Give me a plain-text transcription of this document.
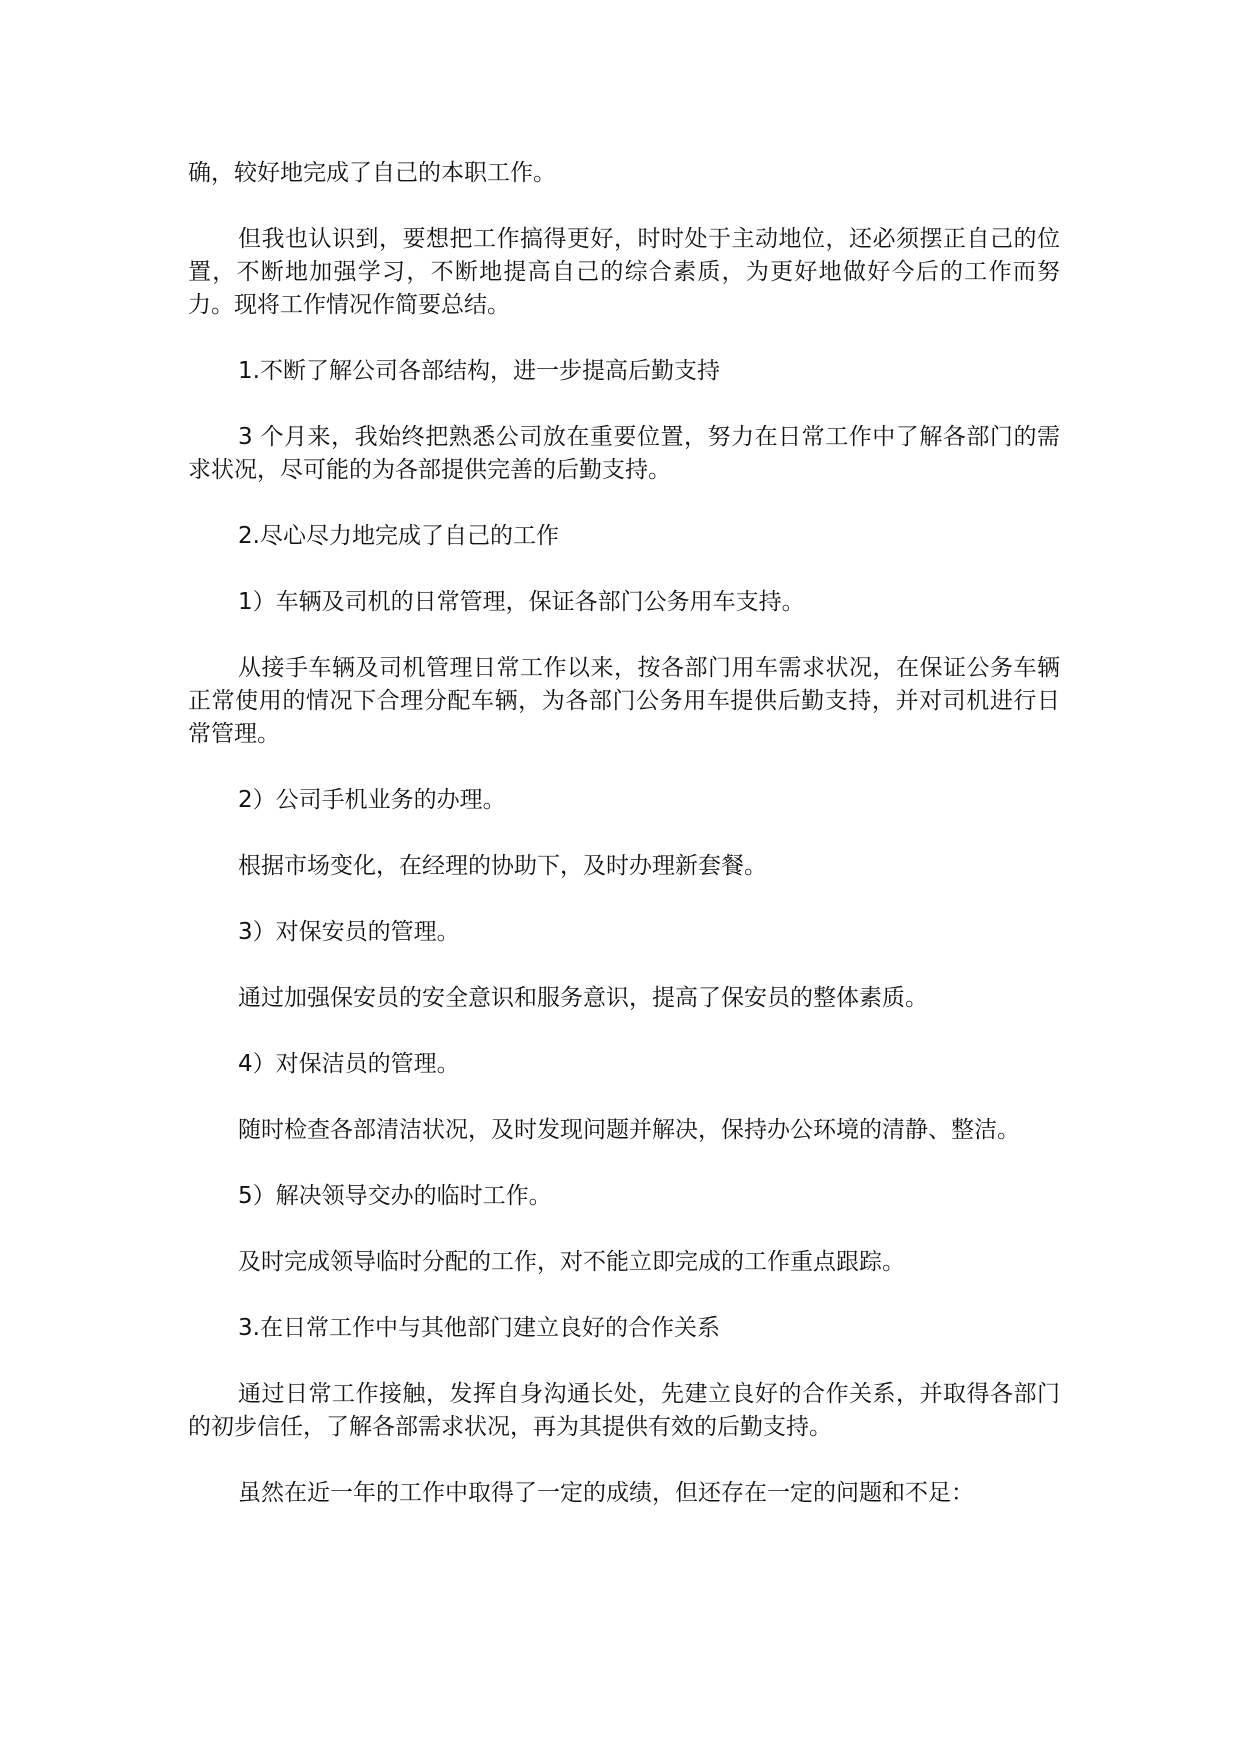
确，较好地完成了自己的本职工作。

但我也认识到，要想把工作搞得更好，时时处于主动地位，还必须摆正自己的位置，不断地加强学习，不断地提高自己的综合素质，为更好地做好今后的工作而努力。现将工作情况作简要总结。

1.不断了解公司各部结构，进一步提高后勤支持

3 个月来，我始终把熟悉公司放在重要位置，努力在日常工作中了解各部门的需求状况，尽可能的为各部提供完善的后勤支持。

2.尽心尽力地完成了自己的工作

1）车辆及司机的日常管理，保证各部门公务用车支持。

从接手车辆及司机管理日常工作以来，按各部门用车需求状况，在保证公务车辆正常使用的情况下合理分配车辆，为各部门公务用车提供后勤支持，并对司机进行日常管理。

2）公司手机业务的办理。

根据市场变化，在经理的协助下，及时办理新套餐。

3）对保安员的管理。

通过加强保安员的安全意识和服务意识，提高了保安员的整体素质。

4）对保洁员的管理。

随时检查各部清洁状况，及时发现问题并解决，保持办公环境的清静、整洁。

5）解决领导交办的临时工作。

及时完成领导临时分配的工作，对不能立即完成的工作重点跟踪。

3.在日常工作中与其他部门建立良好的合作关系

通过日常工作接触，发挥自身沟通长处，先建立良好的合作关系，并取得各部门的初步信任，了解各部需求状况，再为其提供有效的后勤支持。

虽然在近一年的工作中取得了一定的成绩，但还存在一定的问题和不足：
